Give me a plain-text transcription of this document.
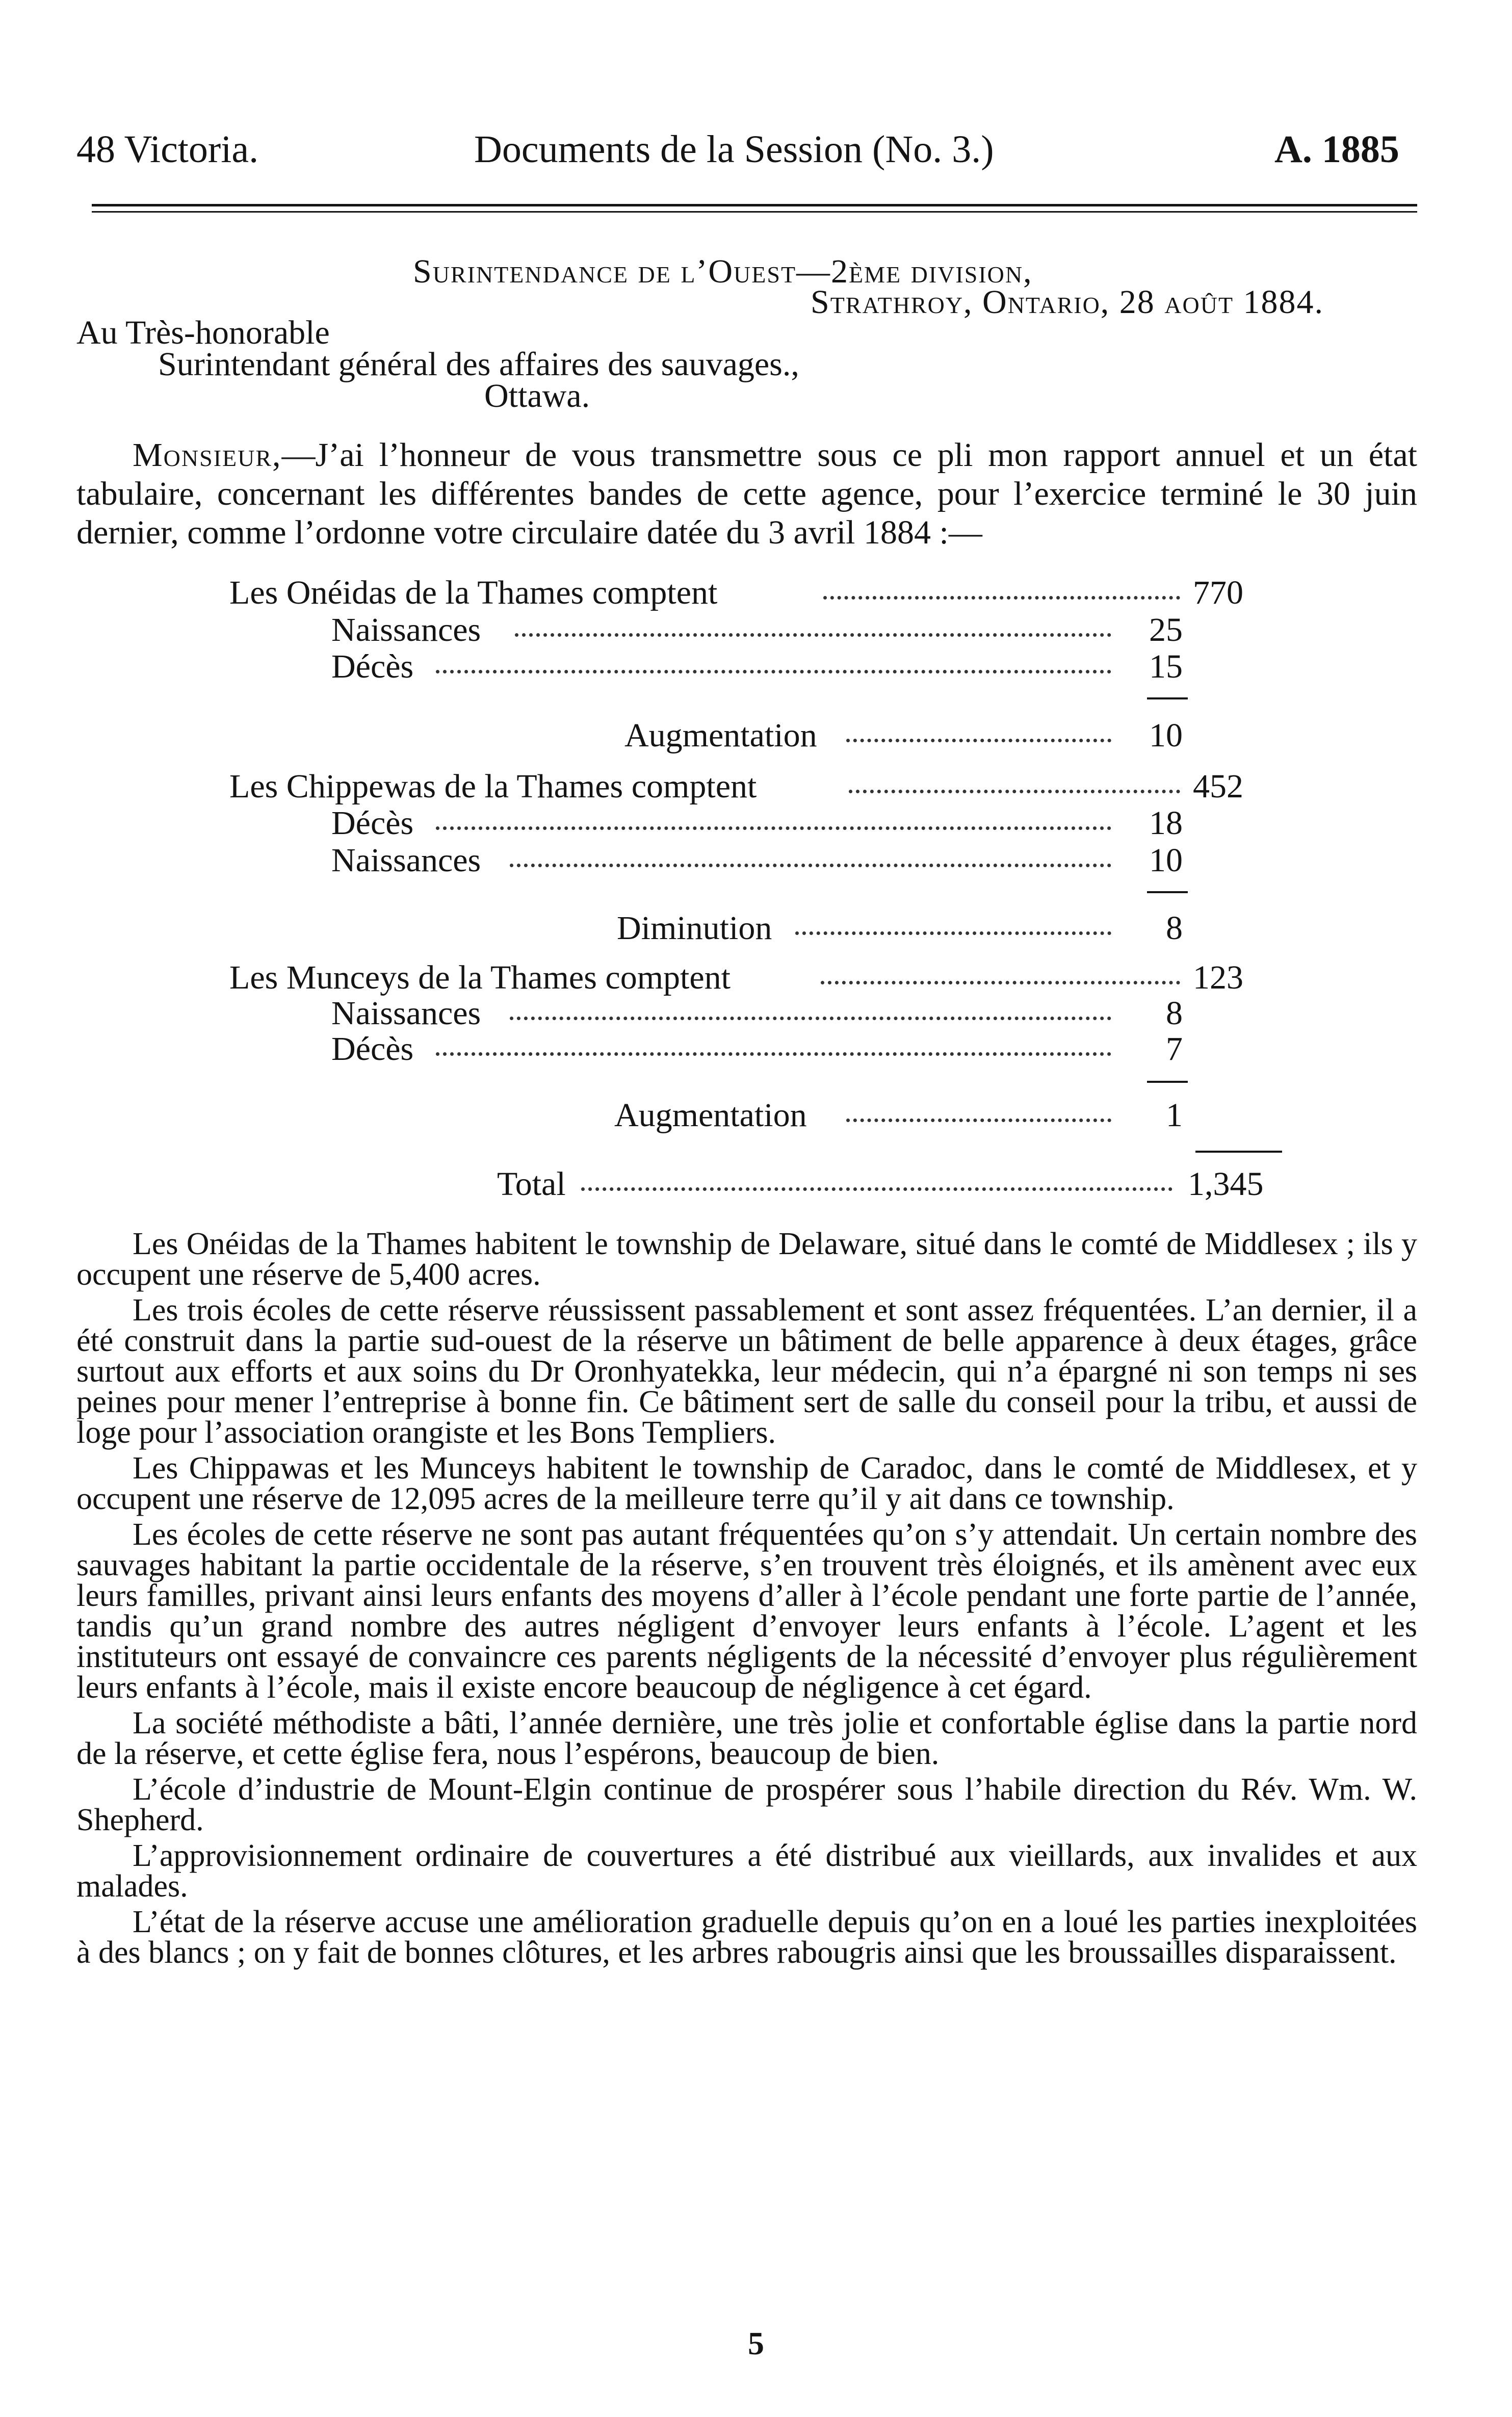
48 Victoria.	Documents de la Session (No. 3.)	A. 1885
Surintendance de l’Ouest—2ème division,
Strathroy, Ontario, 28 août 1884.
Au Très-honorable
Surintendant général des affaires des sauvages.,
Ottawa.

Monsieur,—J’ai l’honneur de vous transmettre sous ce pli mon rapport annuel et un état tabulaire, concernant les différentes bandes de cette agence, pour l’exercice terminé le 30 juin dernier, comme l’ordonne votre circulaire datée du 3 avril 1884 :—

Les Onéidas de la Thames comptent	770
Naissances	25
Décès	15
Augmentation	10
Les Chippewas de la Thames comptent	452
Décès	18
Naissances	10
Diminution	8
Les Munceys de la Thames comptent	123
Naissances	8
Décès	7
Augmentation	1
Total	1,345

Les Onéidas de la Thames habitent le township de Delaware, situé dans le comté de Middlesex ; ils y occupent une réserve de 5,400 acres.

Les trois écoles de cette réserve réussissent passablement et sont assez fréquentées. L’an dernier, il a été construit dans la partie sud-ouest de la réserve un bâtiment de belle apparence à deux étages, grâce surtout aux efforts et aux soins du Dr Oronhyatekka, leur médecin, qui n’a épargné ni son temps ni ses peines pour mener l’entreprise à bonne fin. Ce bâtiment sert de salle du conseil pour la tribu, et aussi de loge pour l’association orangiste et les Bons Templiers.

Les Chippawas et les Munceys habitent le township de Caradoc, dans le comté de Middlesex, et y occupent une réserve de 12,095 acres de la meilleure terre qu’il y ait dans ce township.

Les écoles de cette réserve ne sont pas autant fréquentées qu’on s’y attendait. Un certain nombre des sauvages habitant la partie occidentale de la réserve, s’en trouvent très éloignés, et ils amènent avec eux leurs familles, privant ainsi leurs enfants des moyens d’aller à l’école pendant une forte partie de l’année, tandis qu’un grand nombre des autres négligent d’envoyer leurs enfants à l’école. L’agent et les instituteurs ont essayé de convaincre ces parents négligents de la nécessité d’envoyer plus régulièrement leurs enfants à l’école, mais il existe encore beaucoup de négligence à cet égard.

La société méthodiste a bâti, l’année dernière, une très jolie et confortable église dans la partie nord de la réserve, et cette église fera, nous l’espérons, beaucoup de bien.

L’école d’industrie de Mount-Elgin continue de prospérer sous l’habile direction du Rév. Wm. W. Shepherd.

L’approvisionnement ordinaire de couvertures a été distribué aux vieillards, aux invalides et aux malades.

L’état de la réserve accuse une amélioration graduelle depuis qu’on en a loué les parties inexploitées à des blancs ; on y fait de bonnes clôtures, et les arbres rabougris ainsi que les broussailles disparaissent.

5
